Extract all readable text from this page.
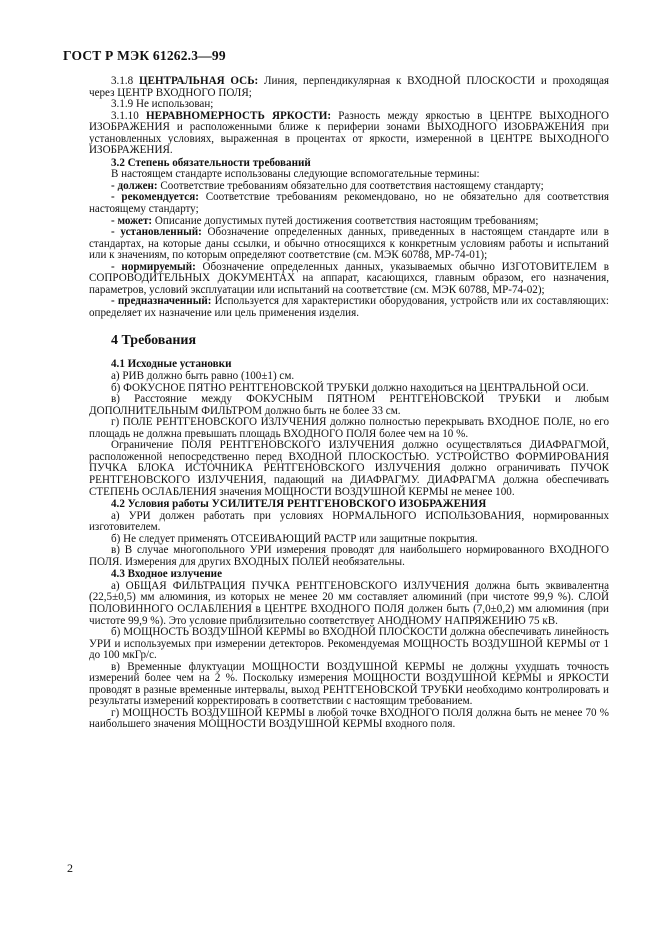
ГОСТ Р МЭК 61262.3—99

3.1.8 ЦЕНТРАЛЬНАЯ ОСЬ: Линия, перпендикулярная к ВХОДНОЙ ПЛОСКОСТИ и проходящая через ЦЕНТР ВХОДНОГО ПОЛЯ;

3.1.9 Не использован;

3.1.10 НЕРАВНОМЕРНОСТЬ ЯРКОСТИ: Разность между яркостью в ЦЕНТРЕ ВЫХОДНОГО ИЗОБРАЖЕНИЯ и расположенными ближе к периферии зонами ВЫХОДНОГО ИЗОБРАЖЕНИЯ при установленных условиях, выраженная в процентах от яркости, измеренной в ЦЕНТРЕ ВЫХОДНОГО ИЗОБРАЖЕНИЯ.

3.2 Степень обязательности требований

В настоящем стандарте использованы следующие вспомогательные термины:

- должен: Соответствие требованиям обязательно для соответствия настоящему стандарту;

- рекомендуется: Соответствие требованиям рекомендовано, но не обязательно для соответствия настоящему стандарту;

- может: Описание допустимых путей достижения соответствия настоящим требованиям;

- установленный: Обозначение определенных данных, приведенных в настоящем стандарте или в стандартах, на которые даны ссылки, и обычно относящихся к конкретным условиям работы и испытаний или к значениям, по которым определяют соответствие (см. МЭК 60788, МР-74-01);

- нормируемый: Обозначение определенных данных, указываемых обычно ИЗГОТОВИТЕЛЕМ в СОПРОВОДИТЕЛЬНЫХ ДОКУМЕНТАХ на аппарат, касающихся, главным образом, его назначения, параметров, условий эксплуатации или испытаний на соответствие (см. МЭК 60788, МР-74-02);

- предназначенный: Используется для характеристики оборудования, устройств или их составляющих: определяет их назначение или цель применения изделия.

4 Требования

4.1 Исходные установки

а) РИВ должно быть равно (100±1) см.

б) ФОКУСНОЕ ПЯТНО РЕНТГЕНОВСКОЙ ТРУБКИ должно находиться на ЦЕНТРАЛЬНОЙ ОСИ.

в) Расстояние между ФОКУСНЫМ ПЯТНОМ РЕНТГЕНОВСКОЙ ТРУБКИ и любым ДОПОЛНИТЕЛЬНЫМ ФИЛЬТРОМ должно быть не более 33 см.

г) ПОЛЕ РЕНТГЕНОВСКОГО ИЗЛУЧЕНИЯ должно полностью перекрывать ВХОДНОЕ ПОЛЕ, но его площадь не должна превышать площадь ВХОДНОГО ПОЛЯ более чем на 10 %.

Ограничение ПОЛЯ РЕНТГЕНОВСКОГО ИЗЛУЧЕНИЯ должно осуществляться ДИАФРАГМОЙ, расположенной непосредственно перед ВХОДНОЙ ПЛОСКОСТЬЮ. УСТРОЙСТВО ФОРМИРОВАНИЯ ПУЧКА БЛОКА ИСТОЧНИКА РЕНТГЕНОВСКОГО ИЗЛУЧЕНИЯ должно ограничивать ПУЧОК РЕНТГЕНОВСКОГО ИЗЛУЧЕНИЯ, падающий на ДИАФРАГМУ. ДИАФРАГМА должна обеспечивать СТЕПЕНЬ ОСЛАБЛЕНИЯ значения МОЩНОСТИ ВОЗДУШНОЙ КЕРМЫ не менее 100.

4.2 Условия работы УСИЛИТЕЛЯ РЕНТГЕНОВСКОГО ИЗОБРАЖЕНИЯ

а) УРИ должен работать при условиях НОРМАЛЬНОГО ИСПОЛЬЗОВАНИЯ, нормированных изготовителем.

б) Не следует применять ОТСЕИВАЮЩИЙ РАСТР или защитные покрытия.

в) В случае многопольного УРИ измерения проводят для наибольшего нормированного ВХОДНОГО ПОЛЯ. Измерения для других ВХОДНЫХ ПОЛЕЙ необязательны.

4.3 Входное излучение

а) ОБЩАЯ ФИЛЬТРАЦИЯ ПУЧКА РЕНТГЕНОВСКОГО ИЗЛУЧЕНИЯ должна быть эквивалентна (22,5±0,5) мм алюминия, из которых не менее 20 мм составляет алюминий (при чистоте 99,9 %). СЛОЙ ПОЛОВИННОГО ОСЛАБЛЕНИЯ в ЦЕНТРЕ ВХОДНОГО ПОЛЯ должен быть (7,0±0,2) мм алюминия (при чистоте 99,9 %). Это условие приблизительно соответствует АНОДНОМУ НАПРЯЖЕНИЮ 75 кВ.

б) МОЩНОСТЬ ВОЗДУШНОЙ КЕРМЫ во ВХОДНОЙ ПЛОСКОСТИ должна обеспечивать линейность УРИ и используемых при измерении детекторов. Рекомендуемая МОЩНОСТЬ ВОЗДУШНОЙ КЕРМЫ от 1 до 100 мкГр/с.

в) Временные флуктуации МОЩНОСТИ ВОЗДУШНОЙ КЕРМЫ не должны ухудшать точность измерений более чем на 2 %. Поскольку измерения МОЩНОСТИ ВОЗДУШНОЙ КЕРМЫ и ЯРКОСТИ проводят в разные временные интервалы, выход РЕНТГЕНОВСКОЙ ТРУБКИ необходимо контролировать и результаты измерений корректировать в соответствии с настоящим требованием.

г) МОЩНОСТЬ ВОЗДУШНОЙ КЕРМЫ в любой точке ВХОДНОГО ПОЛЯ должна быть не менее 70 % наибольшего значения МОЩНОСТИ ВОЗДУШНОЙ КЕРМЫ входного поля.

2
